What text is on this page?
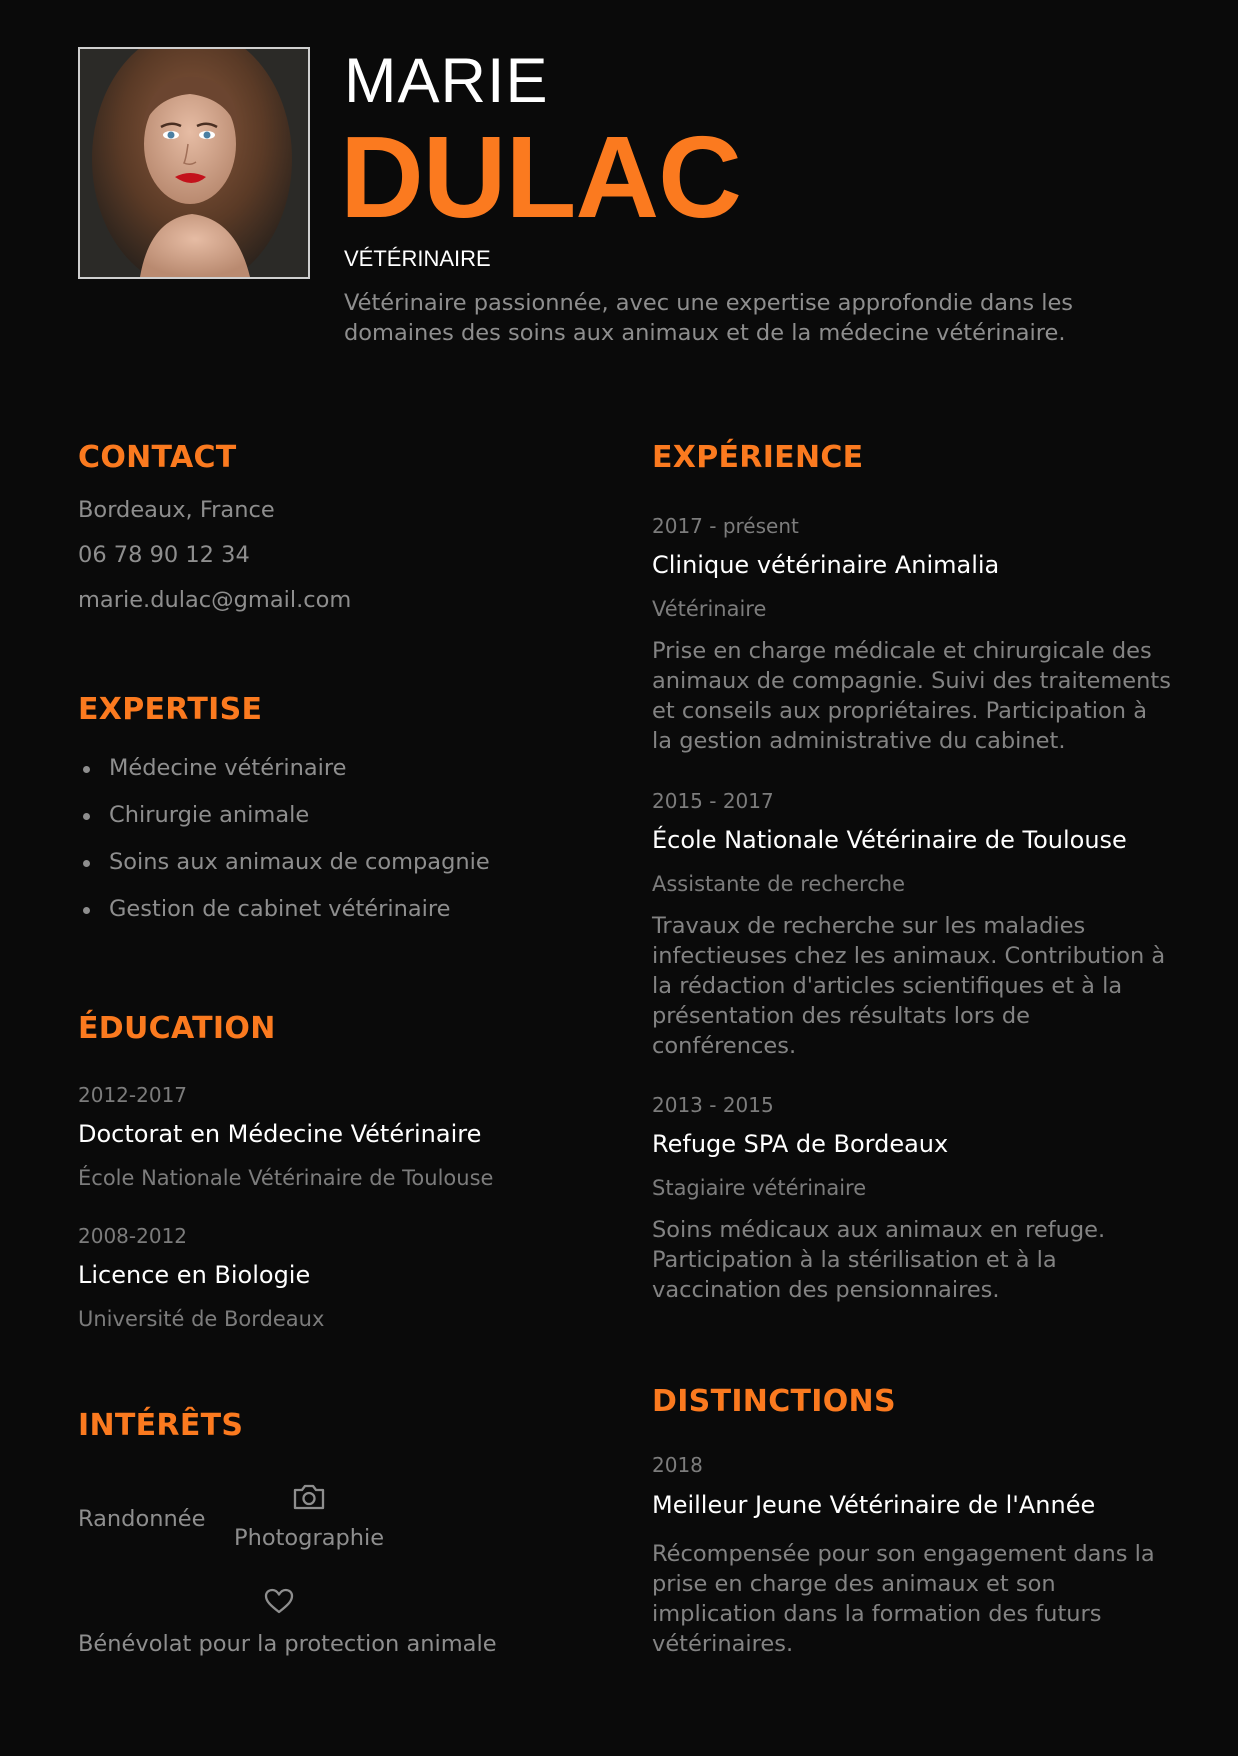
MARIE
DULAC
VÉTÉRINAIRE
Vétérinaire passionnée, avec une expertise approfondie dans les domaines des soins aux animaux et de la médecine vétérinaire.
CONTACT
Bordeaux, France
06 78 90 12 34
marie.dulac@gmail.com
EXPERTISE
Médecine vétérinaire
Chirurgie animale
Soins aux animaux de compagnie
Gestion de cabinet vétérinaire
ÉDUCATION
2012-2017
Doctorat en Médecine Vétérinaire
École Nationale Vétérinaire de Toulouse
2008-2012
Licence en Biologie
Université de Bordeaux
INTÉRÊTS
Randonnée
Photographie
Bénévolat pour la protection animale
EXPÉRIENCE
2017 - présent
Clinique vétérinaire Animalia
Vétérinaire
Prise en charge médicale et chirurgicale des animaux de compagnie. Suivi des traitements et conseils aux propriétaires. Participation à la gestion administrative du cabinet.
2015 - 2017
École Nationale Vétérinaire de Toulouse
Assistante de recherche
Travaux de recherche sur les maladies infectieuses chez les animaux. Contribution à la rédaction d'articles scientifiques et à la présentation des résultats lors de conférences.
2013 - 2015
Refuge SPA de Bordeaux
Stagiaire vétérinaire
Soins médicaux aux animaux en refuge. Participation à la stérilisation et à la vaccination des pensionnaires.
DISTINCTIONS
2018
Meilleur Jeune Vétérinaire de l'Année
Récompensée pour son engagement dans la prise en charge des animaux et son implication dans la formation des futurs vétérinaires.
